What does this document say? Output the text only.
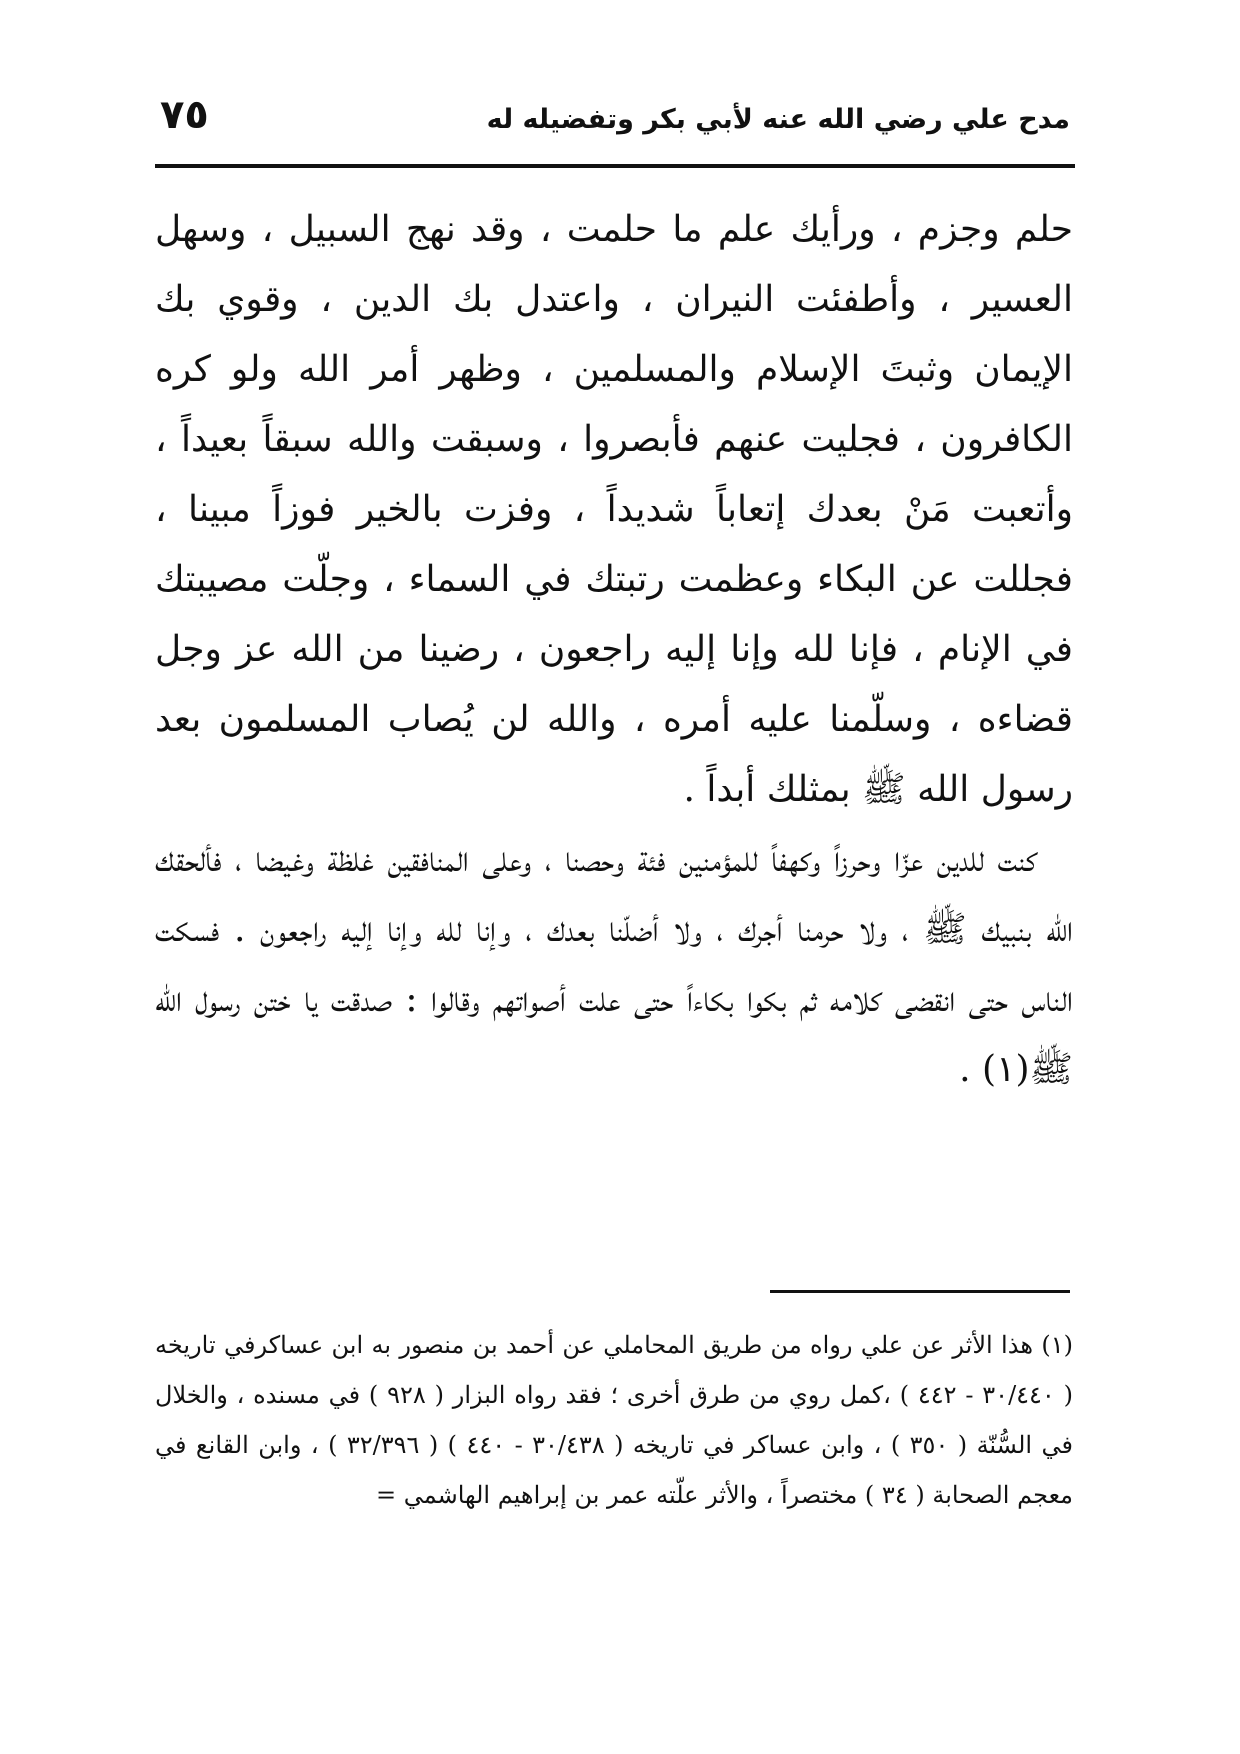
مدح علي رضي الله عنه لأبي بكر وتفضيله له
٧٥

حلم وجزم ، ورأيك علم ما حلمت ، وقد نهج السبيل ، وسهل العسير ، وأطفئت النيران ، واعتدل بك الدين ، وقوي بك الإيمان وثبتَ الإسلام والمسلمين ، وظهر أمر الله ولو كره الكافرون ، فجليت عنهم فأبصروا ، وسبقت والله سبقاً بعيداً ، وأتعبت مَنْ بعدك إتعاباً شديداً ، وفزت بالخير فوزاً مبينا ، فجللت عن البكاء وعظمت رتبتك في السماء ، وجلّت مصيبتك في الإنام ، فإنا لله وإنا إليه راجعون ، رضينا من الله عز وجل قضاءه ، وسلّمنا عليه أمره ، والله لن يُصاب المسلمون بعد رسول الله ﷺ بمثلك أبداً .

كنت للدين عزّا وحرزاً وكهفاً للمؤمنين فئة وحصنا ، وعلى المنافقين غلظة وغيضا ، فألحقك الله بنبيك ﷺ ، ولا حرمنا أجرك ، ولا أضلّنا بعدك ، وإنا لله وإنا إليه راجعون . فسكت الناس حتى انقضى كلامه ثم بكوا بكاءاً حتى علت أصواتهم وقالوا : صدقت يا ختن رسول الله ﷺ(١) .

(١) هذا الأثر عن علي رواه من طريق المحاملي عن أحمد بن منصور به ابن عساكرفي تاريخه ( ٣٠/٤٤٠ - ٤٤٢ ) ،كمل روي من طرق أخرى ؛ فقد رواه البزار ( ٩٢٨ ) في مسنده ، والخلال في السُّنّة ( ٣٥٠ ) ، وابن عساكر في تاريخه ( ٣٠/٤٣٨ - ٤٤٠ ) ( ٣٢/٣٩٦ ) ، وابن القانع في معجم الصحابة ( ٣٤ ) مختصراً ، والأثر علّته عمر بن إبراهيم الهاشمي =
